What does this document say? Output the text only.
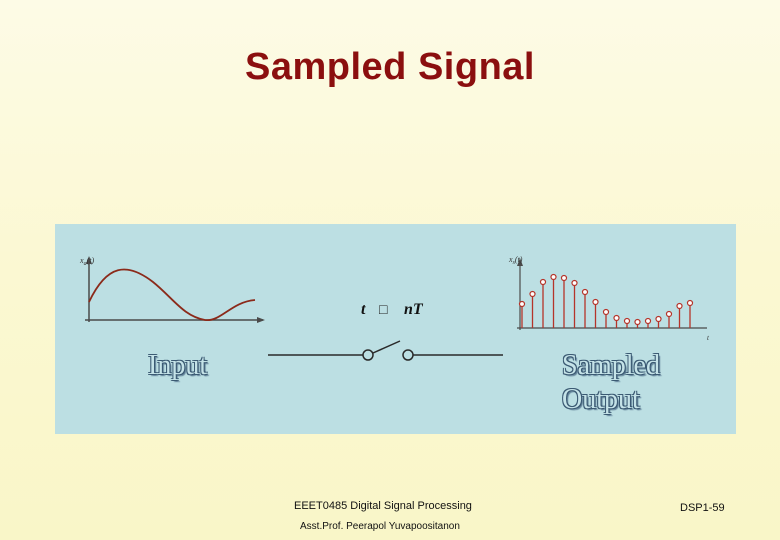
Sampled Signal
$x_a(t)$
t □ nT
$x_s(t)$
t
Input	Sampled
Output
EEET0485 Digital Signal Processing
Asst.Prof. Peerapol Yuvapoositanon
DSP1-59
